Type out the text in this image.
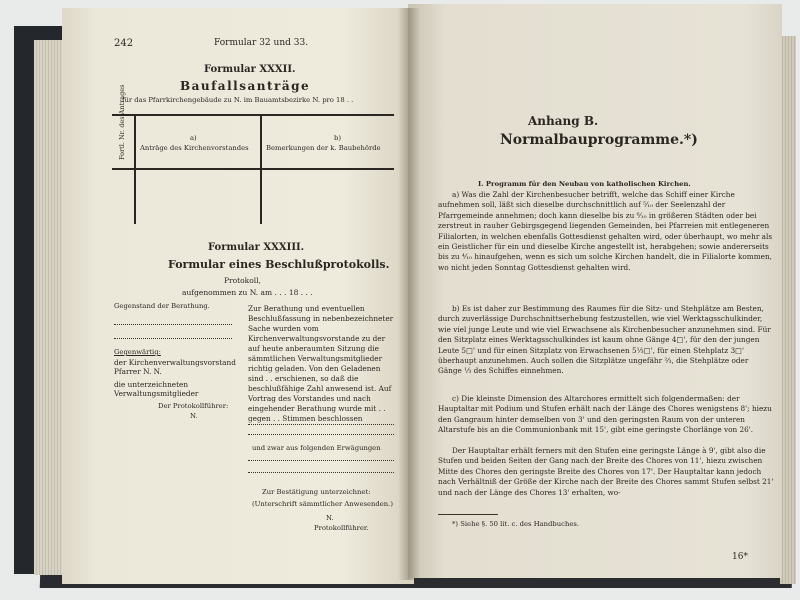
242	Formular 32 und 33.
Formular XXXII.
Baufallsanträge
für das Pfarrkirchengebäude zu N. im Bauamtsbezirke N. pro 18 . .
Fortl. Nr. des Antrages	a)
Anträge des Kirchenvorstandes
b)
Bemerkungen der k. Baubehörde
Formular XXXIII.
Formular eines Beschlußprotokolls.
Protokoll,
aufgenommen zu N. am . . . 18 . . .
Gegenstand der Berathung.
Gegenwärtig:
der Kirchenverwaltungsvorstand Pfarrer N. N.
die unterzeichneten Verwaltungsmitglieder
Der Protokollführer:
N.
Zur Berathung und eventuellen Beschlußfassung in nebenbezeichneter Sache wurden vom Kirchenverwaltungsvorstande zu der auf heute anberaumten Sitzung die sämmtlichen Verwaltungsmitglieder richtig geladen. Von den Geladenen sind . . erschienen, so daß die beschlußfähige Zahl anwesend ist. Auf Vortrag des Vorstandes und nach eingehender Berathung wurde mit . . gegen . . Stimmen beschlossen
und zwar aus folgenden Erwägungen
Zur Bestätigung unterzeichnet:
(Unterschrift sämmtlicher Anwesenden.)
N.
Protokollführer.
Anhang B.
Normalbauprogramme.*)
I. Programm für den Neubau von katholischen Kirchen.
a) Was die Zahl der Kirchenbesucher betrifft, welche das Schiff einer Kirche aufnehmen soll, läßt sich dieselbe durchschnittlich auf ⁵⁄₁₀ der Seelenzahl der Pfarrgemeinde annehmen; doch kann dieselbe bis zu ⁶⁄₁₀ in größeren Städten oder bei zerstreut in rauher Gebirgsgegend liegenden Gemeinden, bei Pfarreien mit entlegeneren Filialorten, in welchen ebenfalls Gottesdienst gehalten wird, oder überhaupt, wo mehr als ein Geistlicher für ein und dieselbe Kirche angestellt ist, herabgehen; sowie andererseits bis zu ⁴⁄₁₀ hinaufgehen, wenn es sich um solche Kirchen handelt, die in Filialorte kommen, wo nicht jeden Sonntag Gottesdienst gehalten wird.
b) Es ist daher zur Bestimmung des Raumes für die Sitz- und Stehplätze am Besten, durch zuverlässige Durchschnittserhebung festzustellen, wie viel Werktagsschulkinder, wie viel junge Leute und wie viel Erwachsene als Kirchenbesucher anzunehmen sind. Für den Sitzplatz eines Werktagsschulkindes ist kaum ohne Gänge 4□', für den der jungen Leute 5□' und für einen Sitzplatz von Erwachsenen 5⅓□', für einen Stehplatz 3□' überhaupt anzunehmen. Auch sollen die Sitzplätze ungefähr ⅔, die Stehplätze oder Gänge ⅓ des Schiffes einnehmen.
c) Die kleinste Dimension des Altarchores ermittelt sich folgendermaßen: der Hauptaltar mit Podium und Stufen erhält nach der Länge des Chores wenigstens 8'; hiezu den Gangraum hinter demselben von 3' und den geringsten Raum von der unteren Altarstufe bis an die Communionbank mit 15', gibt eine geringste Chorlänge von 26'.
Der Hauptaltar erhält ferners mit den Stufen eine geringste Länge à 9', gibt also die Stufen und beiden Seiten der Gang nach der Breite des Chores von 11', hiezu zwischen Mitte des Chores den geringste Breite des Chores von 17'. Der Hauptaltar kann jedoch nach Verhältniß der Größe der Kirche nach der Breite des Chores sammt Stufen selbst 21' und nach der Länge des Chores 13' erhalten, wo-
*) Siehe §. 50 lit. c. des Handbuches.
16*
